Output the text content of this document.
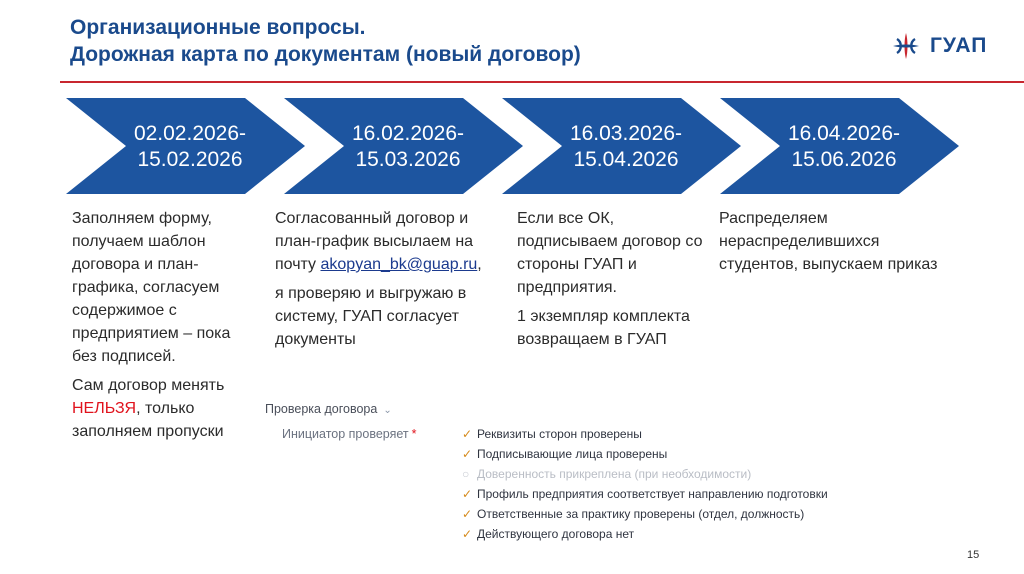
Организационные вопросы.
Дорожная карта по документам (новый договор)	ГУАП
02.02.2026-
15.02.2026
16.02.2026-
15.03.2026
16.03.2026-
15.04.2026
16.04.2026-
15.06.2026

Заполняем форму, получаем шаблон договора и план-графика, согласуем содержимое с предприятием – пока без подписей.

Сам договор менять НЕЛЬЗЯ, только заполняем пропуски

Согласованный договор и план-график высылаем на почту akopyan_bk@guap.ru,

я проверяю и выгружаю в систему, ГУАП согласует документы

Если все ОК, подписываем договор со стороны ГУАП и предприятия.

1 экземпляр комплекта возвращаем в ГУАП

Распределяем нераспределившихся студентов, выпускаем приказ

Проверка договора ⌄
Инициатор проверяет *	✓ Реквизиты сторон проверены
✓ Подписывающие лица проверены
○ Доверенность прикреплена (при необходимости)
✓ Профиль предприятия соответствует направлению подготовки
✓ Ответственные за практику проверены (отдел, должность)
✓ Действующего договора нет
15
